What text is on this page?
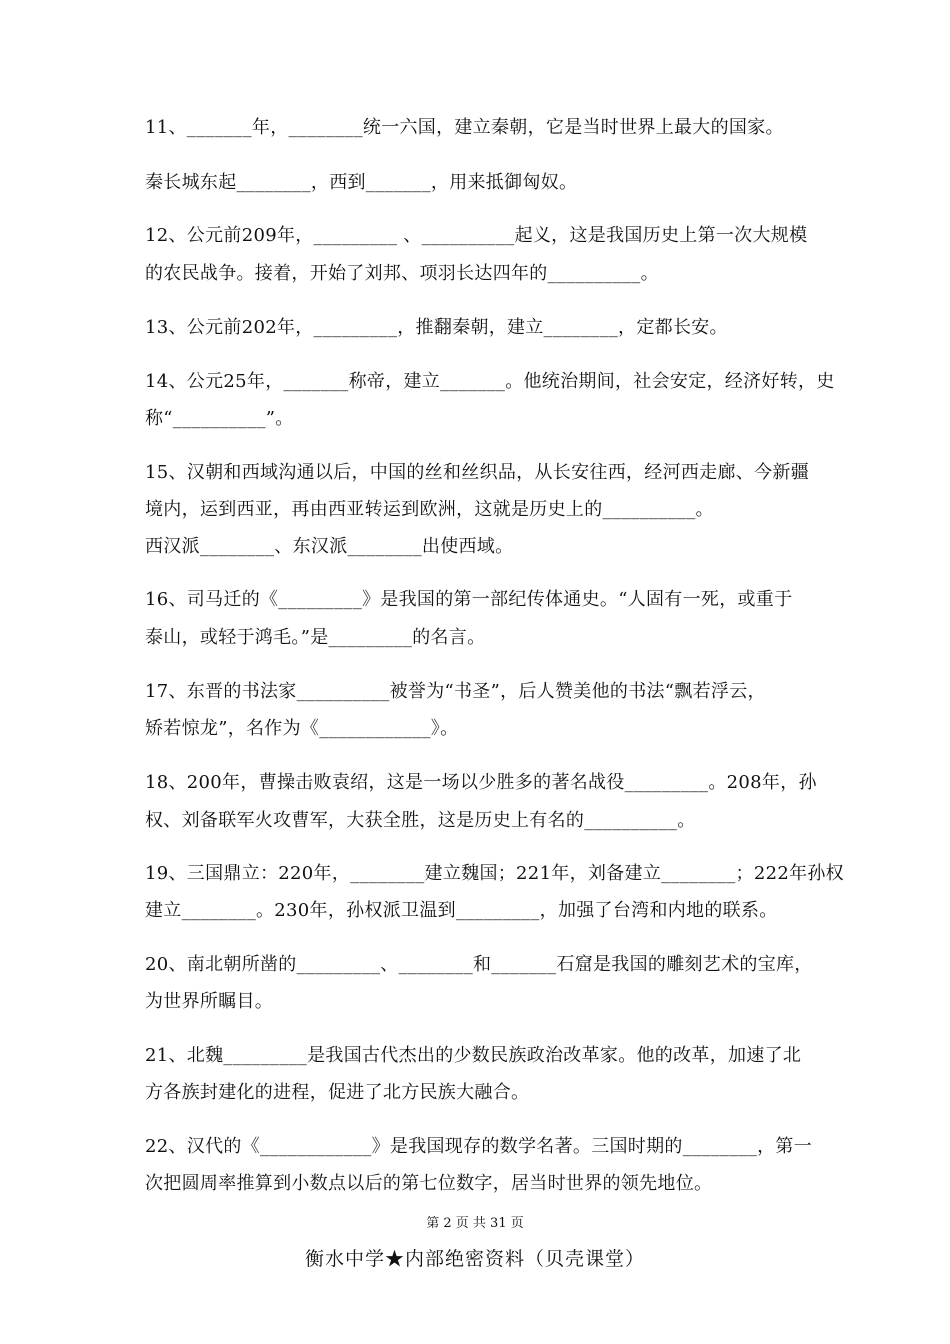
11、_______年，________统一六国，建立秦朝，它是当时世界上最大的国家。
秦长城东起________，西到_______，用来抵御匈奴。
12、公元前209年，_________ 、__________起义，这是我国历史上第一次大规模
的农民战争。接着，开始了刘邦、项羽长达四年的__________。
13、公元前202年，_________，推翻秦朝，建立________，定都长安。
14、公元25年，_______称帝，建立_______。他统治期间，社会安定，经济好转，史
称“__________”。
15、汉朝和西域沟通以后，中国的丝和丝织品，从长安往西，经河西走廊、今新疆
境内，运到西亚，再由西亚转运到欧洲，这就是历史上的__________。
西汉派________、东汉派________出使西域。
16、司马迁的《_________》是我国的第一部纪传体通史。“人固有一死，或重于
泰山，或轻于鸿毛。”是_________的名言。
17、东晋的书法家__________被誉为“书圣”，后人赞美他的书法“飘若浮云，
矫若惊龙”，名作为《____________》。
18、200年，曹操击败袁绍，这是一场以少胜多的著名战役_________。208年，孙
权、刘备联军火攻曹军，大获全胜，这是历史上有名的__________。
19、三国鼎立：220年，________建立魏国；221年，刘备建立________；222年孙权
建立________。230年，孙权派卫温到_________，加强了台湾和内地的联系。
20、南北朝所凿的_________、________和_______石窟是我国的雕刻艺术的宝库，
为世界所瞩目。
21、北魏_________是我国古代杰出的少数民族政治改革家。他的改革，加速了北
方各族封建化的进程，促进了北方民族大融合。
22、汉代的《____________》是我国现存的数学名著。三国时期的________，第一
次把圆周率推算到小数点以后的第七位数字，居当时世界的领先地位。
第 2 页 共 31 页
衡水中学★内部绝密资料（贝壳课堂）
